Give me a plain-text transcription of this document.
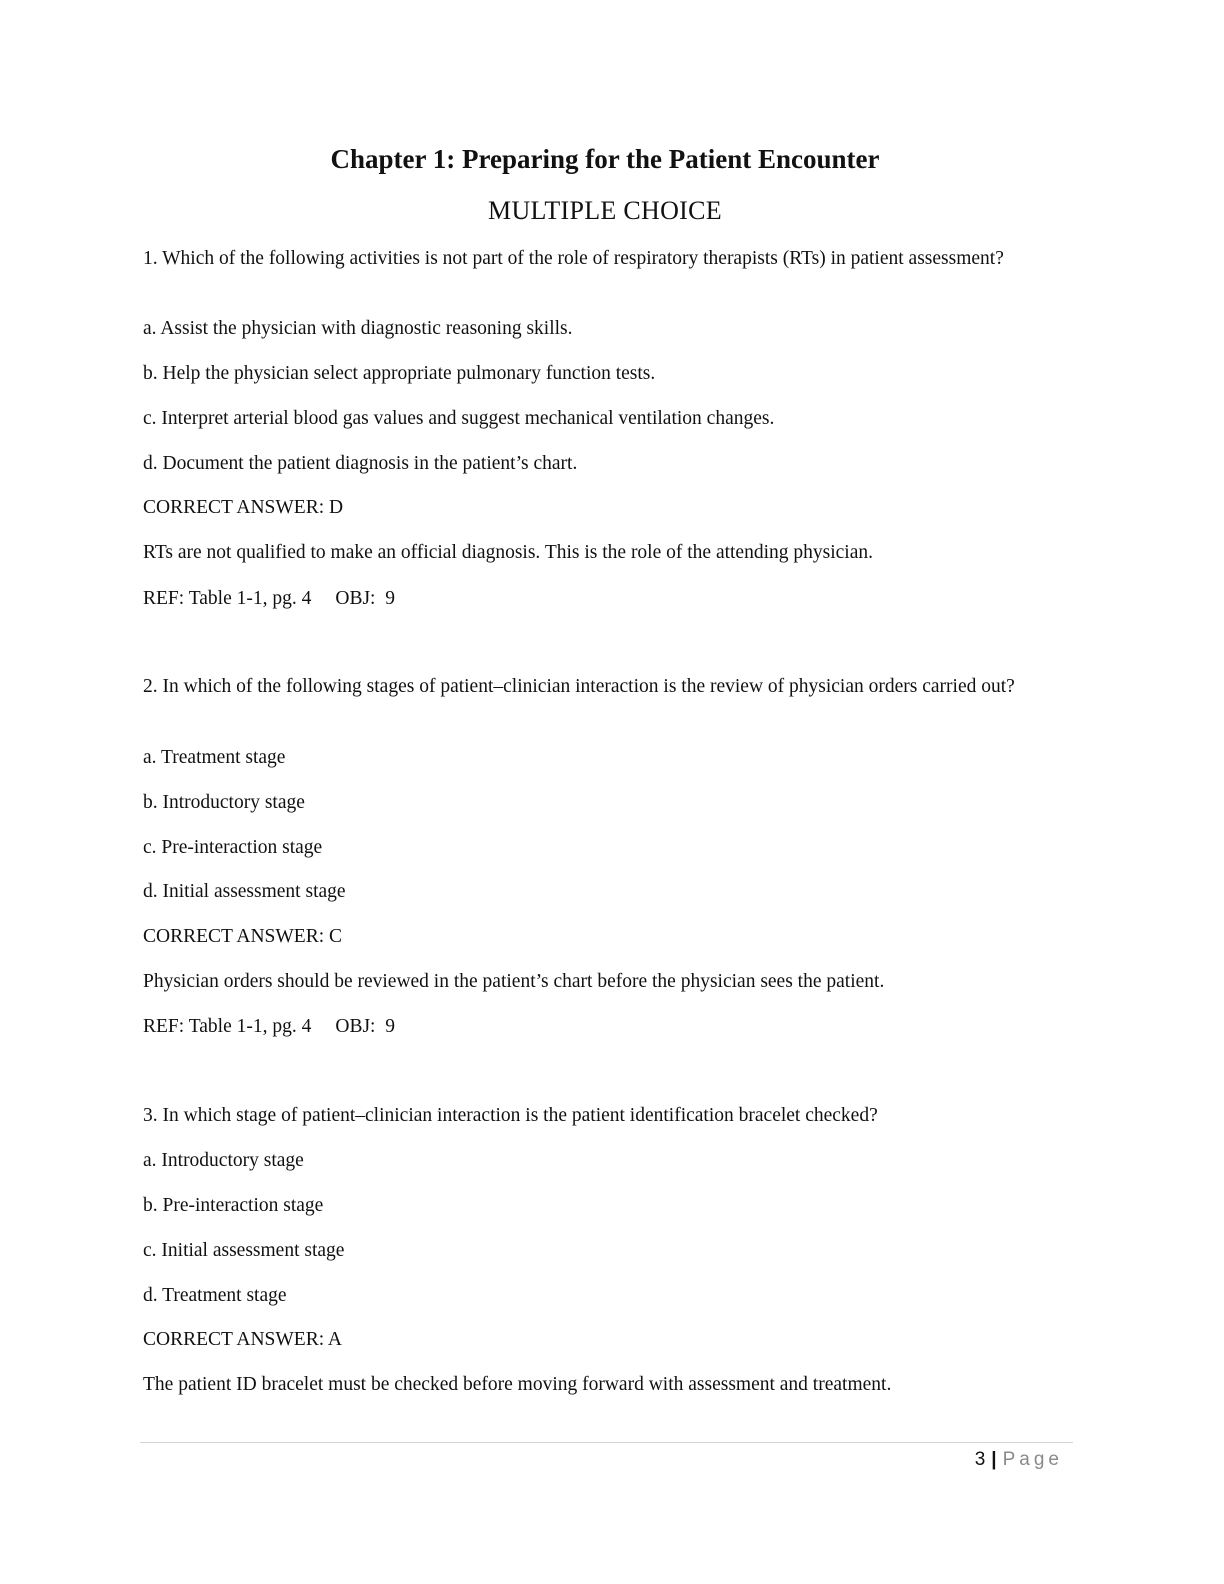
Chapter 1: Preparing for the Patient Encounter
MULTIPLE CHOICE

1. Which of the following activities is not part of the role of respiratory therapists (RTs) in patient assessment?

a. Assist the physician with diagnostic reasoning skills.

b. Help the physician select appropriate pulmonary function tests.

c. Interpret arterial blood gas values and suggest mechanical ventilation changes.

d. Document the patient diagnosis in the patient’s chart.

CORRECT ANSWER: D

RTs are not qualified to make an official diagnosis. This is the role of the attending physician.

REF: Table 1-1, pg. 4 OBJ:  9

2. In which of the following stages of patient–clinician interaction is the review of physician orders carried out?

a. Treatment stage

b. Introductory stage

c. Pre-interaction stage

d. Initial assessment stage

CORRECT ANSWER: C

Physician orders should be reviewed in the patient’s chart before the physician sees the patient.

REF: Table 1-1, pg. 4 OBJ:  9

3. In which stage of patient–clinician interaction is the patient identification bracelet checked?

a. Introductory stage

b. Pre-interaction stage

c. Initial assessment stage

d. Treatment stage

CORRECT ANSWER: A

The patient ID bracelet must be checked before moving forward with assessment and treatment.

3 | Page
